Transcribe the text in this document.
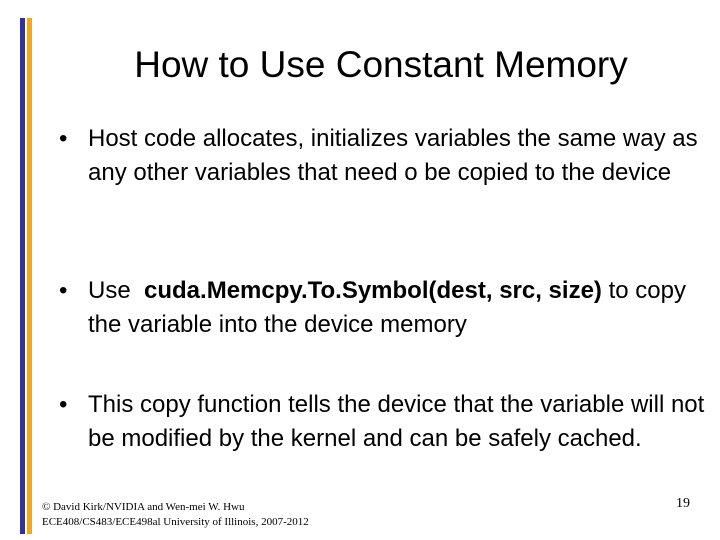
How to Use Constant Memory
• Host code allocates, initializes variables the same way as any other variables that need o be copied to the device
• Use  cuda.Memcpy.To.Symbol(dest, src, size) to copy the variable into the device memory
• This copy function tells the device that the variable will not be modified by the kernel and can be safely cached.
© David Kirk/NVIDIA and Wen-mei W. Hwu
ECE408/CS483/ECE498al University of Illinois, 2007-2012
19
